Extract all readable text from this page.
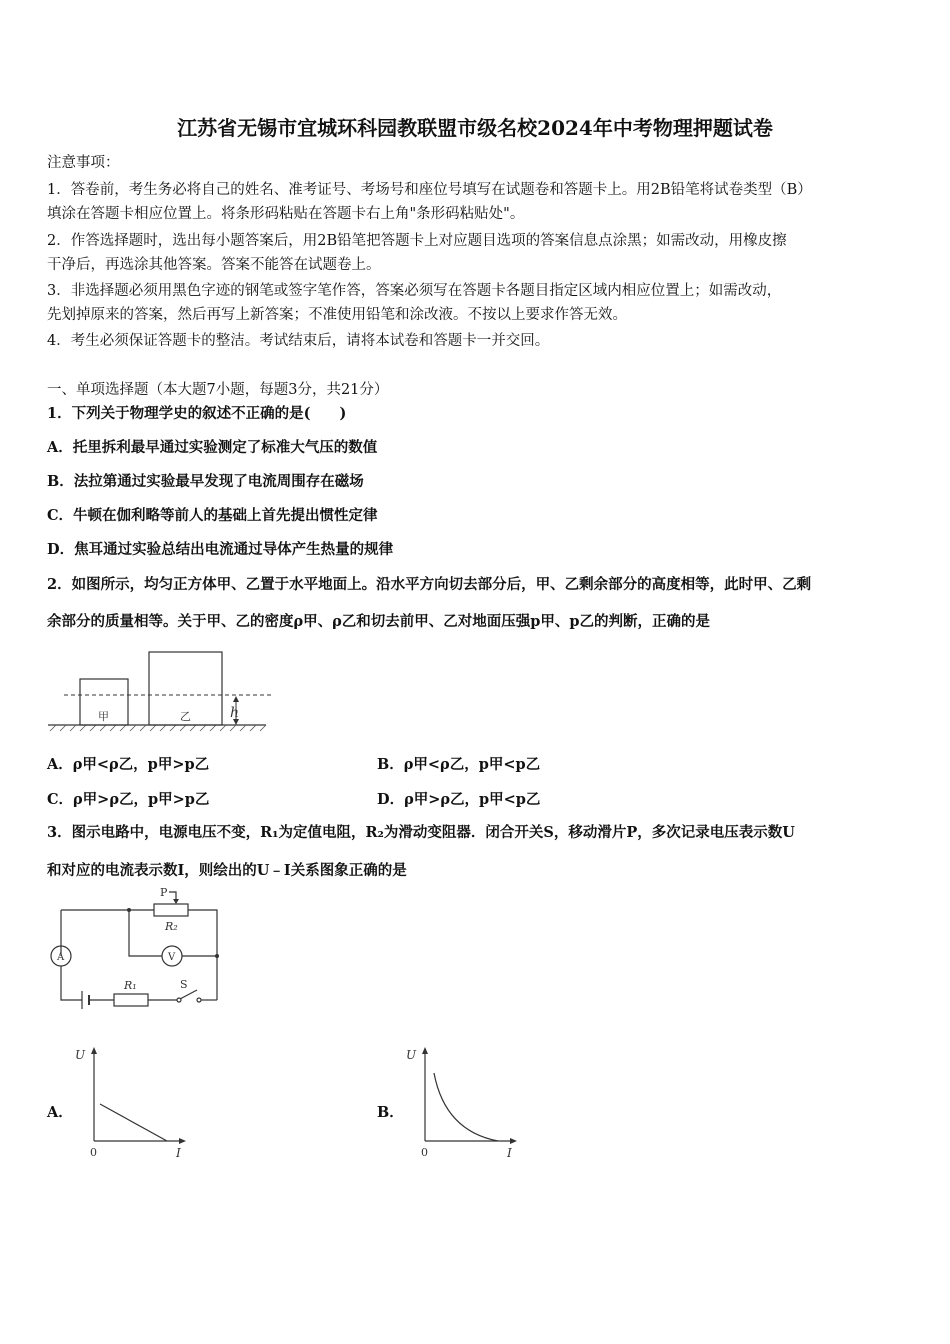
江苏省无锡市宜城环科园教联盟市级名校2024年中考物理押题试卷
注意事项：
1．答卷前，考生务必将自己的姓名、准考证号、考场号和座位号填写在试题卷和答题卡上。用2B铅笔将试卷类型（B）
填涂在答题卡相应位置上。将条形码粘贴在答题卡右上角"条形码粘贴处"。
2．作答选择题时，选出每小题答案后，用2B铅笔把答题卡上对应题目选项的答案信息点涂黑；如需改动，用橡皮擦
干净后，再选涂其他答案。答案不能答在试题卷上。
3．非选择题必须用黑色字迹的钢笔或签字笔作答，答案必须写在答题卡各题目指定区域内相应位置上；如需改动，
先划掉原来的答案，然后再写上新答案；不准使用铅笔和涂改液。不按以上要求作答无效。
4．考生必须保证答题卡的整洁。考试结束后，请将本试卷和答题卡一并交回。
一、单项选择题（本大题7小题，每题3分，共21分）
1．下列关于物理学史的叙述不正确的是(　　)
A．托里拆利最早通过实验测定了标准大气压的数值
B．法拉第通过实验最早发现了电流周围存在磁场
C．牛顿在伽利略等前人的基础上首先提出惯性定律
D．焦耳通过实验总结出电流通过导体产生热量的规律
2．如图所示，均匀正方体甲、乙置于水平地面上。沿水平方向切去部分后，甲、乙剩余部分的高度相等，此时甲、乙剩
余部分的质量相等。关于甲、乙的密度ρ甲、ρ乙和切去前甲、乙对地面压强p甲、p乙的判断，正确的是
甲	乙	h
A．ρ甲<ρ乙，p甲>p乙	B．ρ甲<ρ乙，p甲<p乙
C．ρ甲>ρ乙，p甲>p乙	D．ρ甲>ρ乙，p甲<p乙
3．图示电路中，电源电压不变，R₁为定值电阻，R₂为滑动变阻器．闭合开关S，移动滑片P，多次记录电压表示数U
和对应的电流表示数I，则绘出的U﹣I关系图象正确的是
P
R₂
V
A
R₁	S
A．
U
I
0
B．
U
I
0
